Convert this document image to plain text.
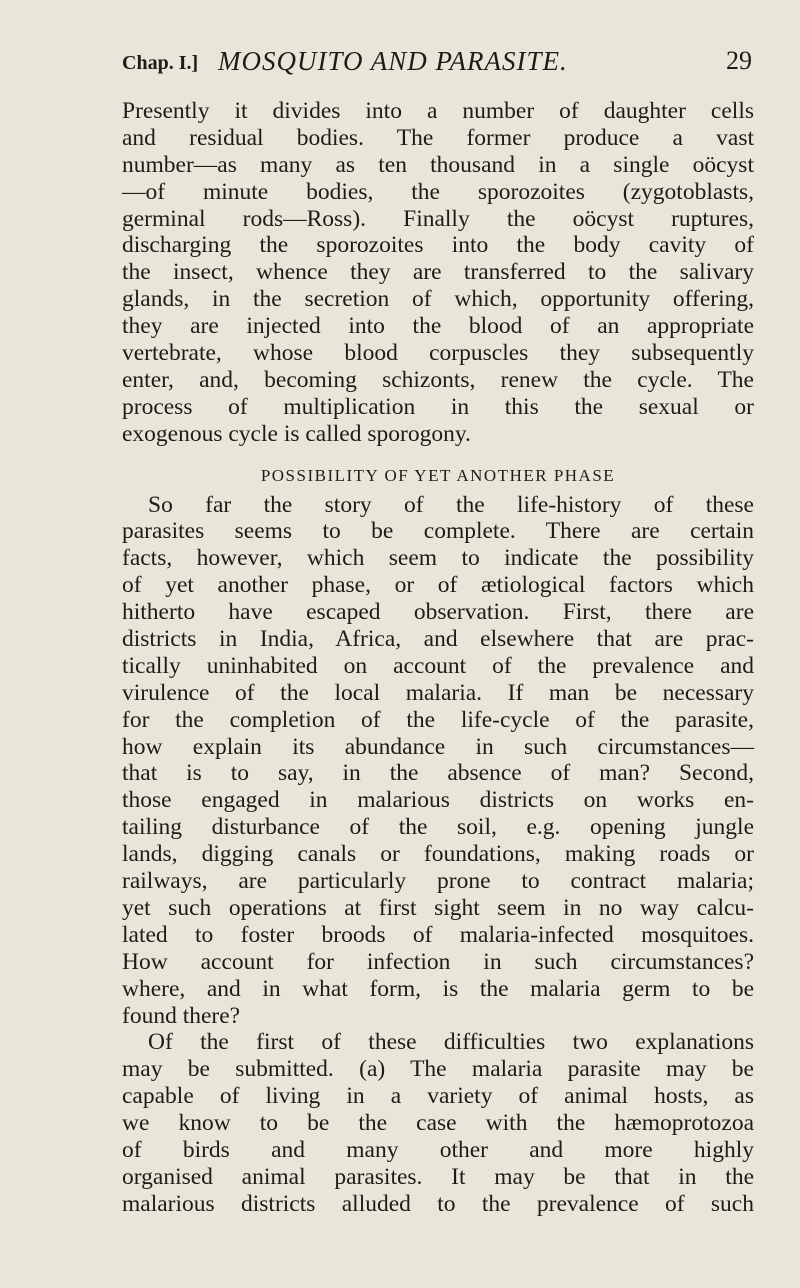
Chap. I.] MOSQUITO AND PARASITE.	29
Presently it divides into a number of daughter cells
and residual bodies. The former produce a vast
number—as many as ten thousand in a single oöcyst
—of minute bodies, the sporozoites (zygotoblasts,
germinal rods—Ross). Finally the oöcyst ruptures,
discharging the sporozoites into the body cavity of
the insect, whence they are transferred to the salivary
glands, in the secretion of which, opportunity offering,
they are injected into the blood of an appropriate
vertebrate, whose blood corpuscles they subsequently
enter, and, becoming schizonts, renew the cycle. The
process of multiplication in this the sexual or
exogenous cycle is called sporogony.
POSSIBILITY OF YET ANOTHER PHASE
So far the story of the life-history of these
parasites seems to be complete. There are certain
facts, however, which seem to indicate the possibility
of yet another phase, or of ætiological factors which
hitherto have escaped observation. First, there are
districts in India, Africa, and elsewhere that are prac-
tically uninhabited on account of the prevalence and
virulence of the local malaria. If man be necessary
for the completion of the life-cycle of the parasite,
how explain its abundance in such circumstances—
that is to say, in the absence of man? Second,
those engaged in malarious districts on works en-
tailing disturbance of the soil, e.g. opening jungle
lands, digging canals or foundations, making roads or
railways, are particularly prone to contract malaria;
yet such operations at first sight seem in no way calcu-
lated to foster broods of malaria-infected mosquitoes.
How account for infection in such circumstances?
where, and in what form, is the malaria germ to be
found there?
Of the first of these difficulties two explanations
may be submitted. (a) The malaria parasite may be
capable of living in a variety of animal hosts, as
we know to be the case with the hæmoprotozoa
of birds and many other and more highly
organised animal parasites. It may be that in the
malarious districts alluded to the prevalence of such
